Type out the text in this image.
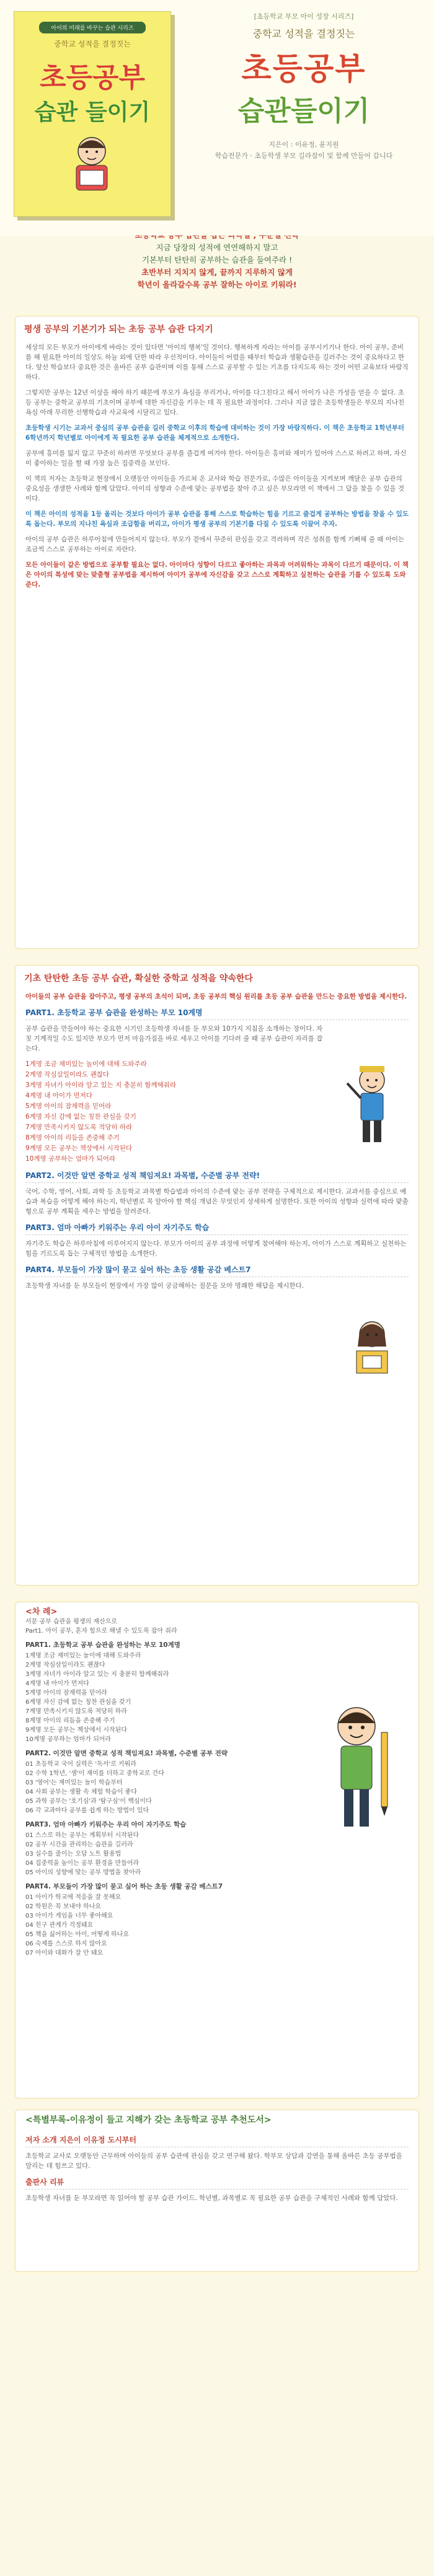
아이의 미래를 바꾸는 습관 시리즈
중학교 성적을 결정짓는
초등공부
습관 들이기
[초등학교 부모 아이 성장 시리즈]
중학교 성적을 결정짓는
초등공부
습관들이기
지은이 : 이유정, 윤지원
학습전문가 · 초등학생 부모 길라잡이 및 함께 만들어 갑니다
지금 당장의 성적에 연연해하지 말고
기본부터 탄탄히 공부하는 습관을 들여주라 !
초반부터 지치지 않게, 끝까지 지루하지 않게
학년이 올라갈수록 공부 잘하는 아이로 키워라!
평생 공부의 기본기가 되는 초등 공부 습관 다지기

세상의 모든 부모가 아이에게 바라는 것이 있다면 '아이의 행복'일 것이다. 행복하게 자라는 아이를 공부시키기나 한다. 아이 공부, 준비를 해 필요한 아이의 일상도 하늘 외에 단한 따라 우선적이다. 아이들이 어렸을 때부터 학습과 생활습관을 길러주는 것이 중요하다고 한다. 앞선 학습보다 중요한 것은 올바른 공부 습관이며 이를 통해 스스로 공부할 수 있는 기초를 다지도록 하는 것이 어떤 교육보다 바람직하다.

그렇지만 공부는 12년 이상을 해야 하기 때문에 부모가 욕심을 부리거나, 아이를 다그친다고 해서 아이가 나은 가성을 얻을 수 없다. 초등 공부는 중학교 공부의 기초이며 공부에 대한 자신감을 키우는 데 꼭 필요한 과정이다. 그러나 지금 많은 초등학생들은 부모의 지나친 욕심 아래 무리한 선행학습과 사교육에 시달리고 있다.

초등학생 시기는 교과서 중심의 공부 습관을 길러 중학교 이후의 학습에 대비하는 것이 가장 바람직하다. 이 책은 초등학교 1학년부터 6학년까지 학년별로 아이에게 꼭 필요한 공부 습관을 체계적으로 소개한다.

공부에 흥미를 잃지 않고 꾸준히 하려면 무엇보다 공부를 즐겁게 여겨야 한다. 아이들은 흥미와 재미가 있어야 스스로 하려고 하며, 자신이 좋아하는 일을 할 때 가장 높은 집중력을 보인다.

이 책의 저자는 초등학교 현장에서 오랫동안 아이들을 가르쳐 온 교사와 학습 전문가로, 수많은 아이들을 지켜보며 깨달은 공부 습관의 중요성을 생생한 사례와 함께 담았다. 아이의 성향과 수준에 맞는 공부법을 찾아 주고 싶은 부모라면 이 책에서 그 답을 찾을 수 있을 것이다.

이 책은 아이의 성적을 1등 올리는 것보다 아이가 공부 습관을 통해 스스로 학습하는 힘을 기르고 즐겁게 공부하는 방법을 찾을 수 있도록 돕는다. 부모의 지나친 욕심과 조급함을 버리고, 아이가 평생 공부의 기본기를 다질 수 있도록 이끌어 주자.

아이의 공부 습관은 하루아침에 만들어지지 않는다. 부모가 곁에서 꾸준히 관심을 갖고 격려하며 작은 성취를 함께 기뻐해 줄 때 아이는 조금씩 스스로 공부하는 아이로 자란다.

모든 아이들이 같은 방법으로 공부할 필요는 없다. 아이마다 성향이 다르고 좋아하는 과목과 어려워하는 과목이 다르기 때문이다. 이 책은 아이의 특성에 맞는 맞춤형 공부법을 제시하여 아이가 공부에 자신감을 갖고 스스로 계획하고 실천하는 습관을 기를 수 있도록 도와준다.

기초 탄탄한 초등 공부 습관, 확실한 중학교 성적을 약속한다

아이들의 공부 습관을 잡아주고, 평생 공부의 초석이 되며, 초등 공부의 핵심 원리를 초등 공부 습관을 만드는 중요한 방법을 제시한다.

PART1. 초등학교 공부 습관을 완성하는 부모 10계명

공부 습관을 만들어야 하는 중요한 시기인 초등학생 자녀를 둔 부모와 10가지 지침을 소개하는 장이다. 자칫 기계적일 수도 있지만 부모가 먼저 마음가짐을 바로 세우고 아이를 기다려 줄 때 공부 습관이 자리를 잡는다.

1계명 조금 재미있는 놀이에 대해 도와주라
2계명 작심삼일이라도 괜찮다
3계명 자녀가 아이라 알고 있는 지 충분히 함께해줘라
4계명 내 아이가 먼저다
5계명 아이의 잠재력을 믿어라
6계명 자신 감에 없는 칭찬 관심을 갖기
7계명 만족시키지 않도록 적당히 하라
8계명 아이의 리듬을 존중해 주기
9계명 모든 공부는 책상에서 시작된다
10계명 공부하는 엄마가 되어라
PART2. 이것만 알면 중학교 성적 책임져요! 과목별, 수준별 공부 전략!

국어, 수학, 영어, 사회, 과학 등 초등학교 과목별 학습법과 아이의 수준에 맞는 공부 전략을 구체적으로 제시한다. 교과서를 중심으로 예습과 복습을 어떻게 해야 하는지, 학년별로 꼭 알아야 할 핵심 개념은 무엇인지 상세하게 설명한다. 또한 아이의 성향과 실력에 따라 맞춤형으로 공부 계획을 세우는 방법을 알려준다.

PART3. 엄마 아빠가 키워주는 우리 아이 자기주도 학습

자기주도 학습은 하루아침에 이루어지지 않는다. 부모가 아이의 공부 과정에 어떻게 참여해야 하는지, 아이가 스스로 계획하고 실천하는 힘을 기르도록 돕는 구체적인 방법을 소개한다.

PART4. 부모들이 가장 많이 묻고 싶어 하는 초등 생활 공감 베스트7

초등학생 자녀를 둔 부모들이 현장에서 가장 많이 궁금해하는 질문을 모아 명쾌한 해답을 제시한다.

<차 례>
서문 공부 습관을 평생의 재산으로
Part1. 아이 공부, 혼자 힘으로 해낼 수 있도록 잡아 줘라
PART1. 초등학교 공부 습관을 완성하는 부모 10계명
1계명 조금 재미있는 놀이에 대해 도와주라
2계명 작심삼일이라도 괜찮다
3계명 자녀가 아이라 알고 있는 지 충분히 함께해줘라
4계명 내 아이가 먼저다
5계명 아이의 잠재력을 믿어라
6계명 자신 감에 없는 칭찬 관심을 갖기
7계명 만족시키지 않도록 적당히 하라
8계명 아이의 리듬을 존중해 주기
9계명 모든 공부는 책상에서 시작된다
10계명 공부하는 엄마가 되어라
PART2. 이것만 알면 중학교 성적 책임져요! 과목별, 수준별 공부 전략
01 초등학교 국어 실력은 '독서'로 키워라
02 수학 1학년, '셈'이 재미를 더하고 중학교로 간다
03 '영어'는 재미있는 놀이 학습부터
04 사회 공부는 생활 속 체험 학습이 좋다
05 과학 공부는 '호기심'과 '탐구심'이 핵심이다
06 각 교과마다 공부를 쉽게 하는 방법이 있다
PART3. 엄마 아빠가 키워주는 우리 아이 자기주도 학습
01 스스로 하는 공부는 계획부터 시작된다
02 공부 시간을 관리하는 습관을 길러라
03 실수를 줄이는 오답 노트 활용법
04 집중력을 높이는 공부 환경을 만들어라
05 아이의 성향에 맞는 공부 방법을 찾아라
PART4. 부모들이 가장 많이 묻고 싶어 하는 초등 생활 공감 베스트7
01 아이가 학교에 적응을 잘 못해요
02 학원은 꼭 보내야 하나요
03 아이가 게임을 너무 좋아해요
04 친구 관계가 걱정돼요
05 책을 싫어하는 아이, 어떻게 하나요
06 숙제를 스스로 하지 않아요
07 아이와 대화가 잘 안 돼요
<특별부록-이유정이 들고 지해가 갖는 초등학교 공부 추천도서>
저자 소개 지은이 이유정 도시부터

초등학교 교사로 오랫동안 근무하며 아이들의 공부 습관에 관심을 갖고 연구해 왔다. 학부모 상담과 강연을 통해 올바른 초등 공부법을 알리는 데 힘쓰고 있다.

출판사 리뷰

초등학생 자녀를 둔 부모라면 꼭 읽어야 할 공부 습관 가이드. 학년별, 과목별로 꼭 필요한 공부 습관을 구체적인 사례와 함께 담았다.
